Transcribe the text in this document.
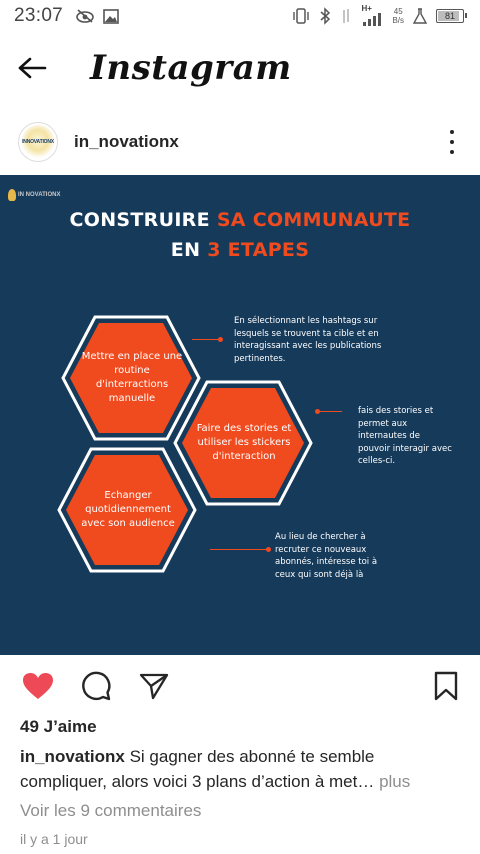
23:07	H+	45
B/s	81
Instagram
INNOVATIONX in_novationx
IN NOVATIONX
CONSTRUIRE SA COMMUNAUTE
EN 3 ETAPES
Mettre en place une routine d'interractions manuelle
Faire des stories et utiliser les stickers d'interaction
Echanger quotidiennement avec son audience
En sélectionnant les hashtags sur lesquels se trouvent ta cible et en interagissant avec les publications pertinentes.
fais des stories et permet aux internautes de pouvoir interagir avec celles-ci.
Au lieu de chercher à recruter ce nouveaux abonnés, intéresse toi à ceux qui sont déjà là
49 J’aime
in_novationx Si gagner des abonné te semble compliquer, alors voici 3 plans d’action à met… plus
Voir les 9 commentaires
il y a 1 jour
